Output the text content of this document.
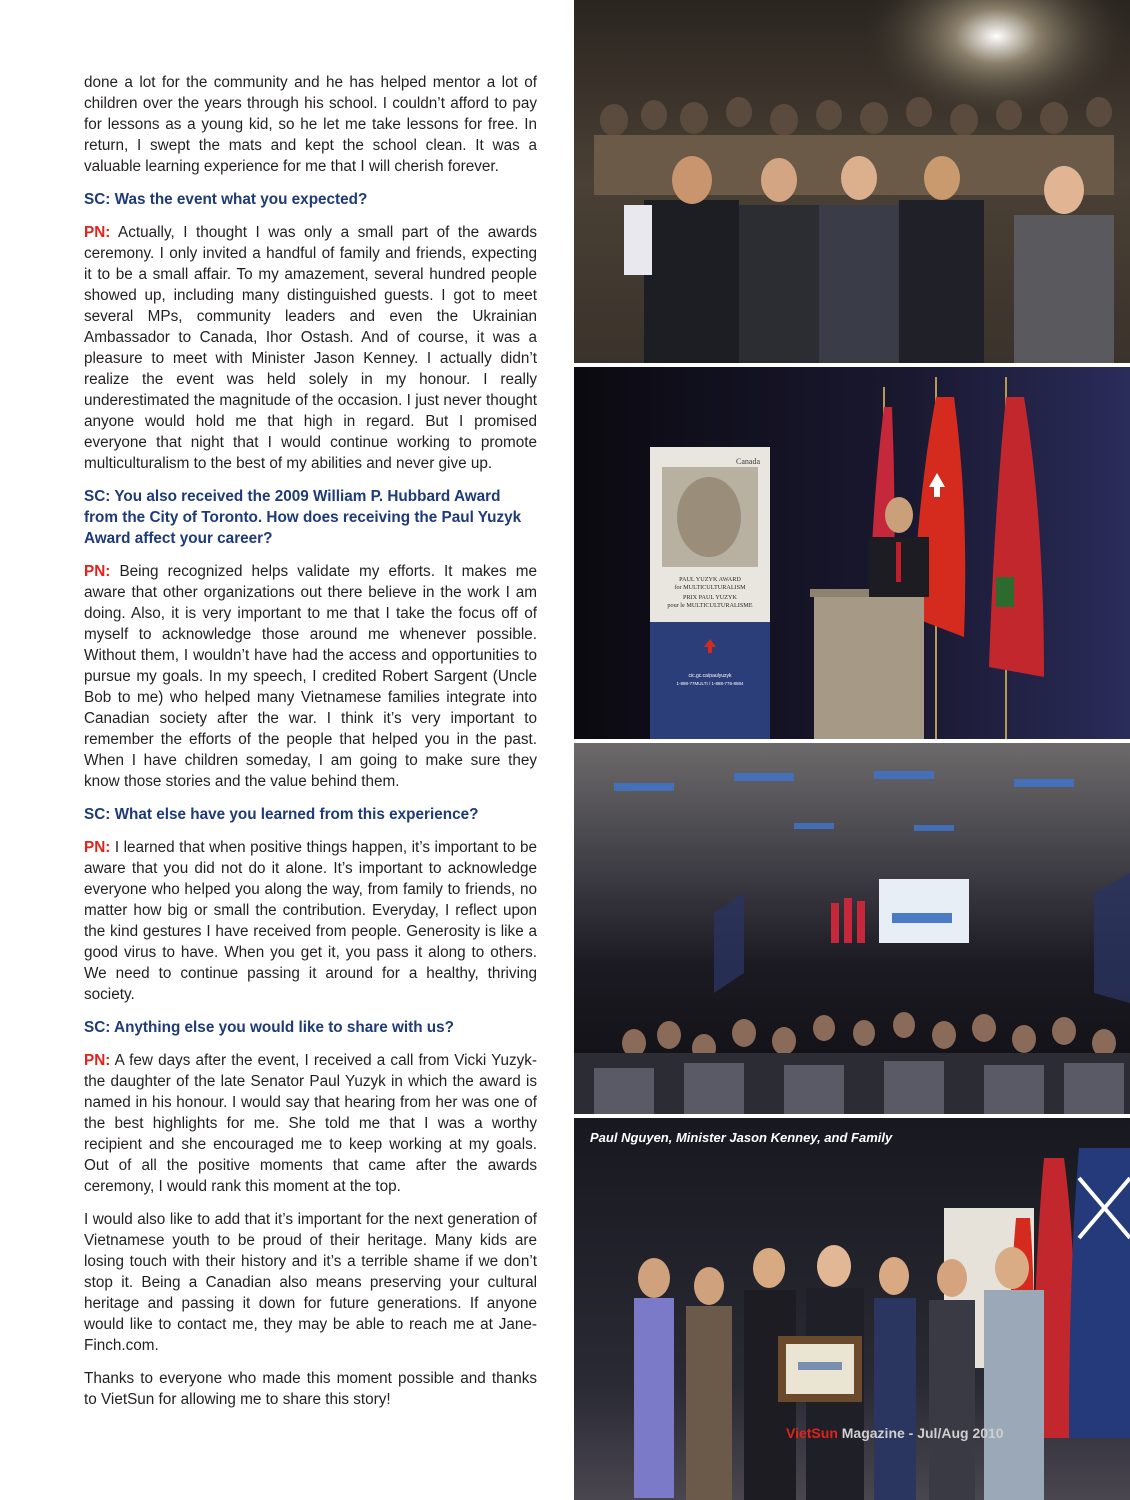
done a lot for the community and he has helped mentor a lot of children over the years through his school. I couldn’t afford to pay for lessons as a young kid, so he let me take lessons for free. In return, I swept the mats and kept the school clean. It was a valuable learning experience for me that I will cherish forever.

SC: Was the event what you expected?

PN: Actually, I thought I was only a small part of the awards ceremony. I only invited a handful of family and friends, expecting it to be a small affair. To my amazement, several hundred people showed up, including many distinguished guests. I got to meet several MPs, community leaders and even the Ukrainian Ambassador to Canada, Ihor Ostash. And of course, it was a pleasure to meet with Minister Jason Kenney. I actually didn’t realize the event was held solely in my honour. I really underestimated the magnitude of the occasion. I just never thought anyone would hold me that high in regard. But I promised everyone that night that I would continue working to promote multiculturalism to the best of my abilities and never give up.

SC: You also received the 2009 William P. Hubbard Award from the City of Toronto. How does receiving the Paul Yuzyk Award affect your career?

PN: Being recognized helps validate my efforts. It makes me aware that other organizations out there believe in the work I am doing. Also, it is very important to me that I take the focus off of myself to acknowledge those around me whenever possible. Without them, I wouldn’t have had the access and opportunities to pursue my goals. In my speech, I credited Robert Sargent (Uncle Bob to me) who helped many Vietnamese families integrate into Canadian society after the war. I think it’s very important to remember the efforts of the people that helped you in the past. When I have children someday, I am going to make sure they know those stories and the value behind them.

SC: What else have you learned from this experience?

PN: I learned that when positive things happen, it’s important to be aware that you did not do it alone. It’s important to acknowledge everyone who helped you along the way, from family to friends, no matter how big or small the contribution. Everyday, I reflect upon the kind gestures I have received from people. Generosity is like a good virus to have. When you get it, you pass it along to others. We need to continue passing it around for a healthy, thriving society.

SC: Anything else you would like to share with us?

PN: A few days after the event, I received a call from Vicki Yuzyk- the daughter of the late Senator Paul Yuzyk in which the award is named in his honour. I would say that hearing from her was one of the best highlights for me. She told me that I was a worthy recipient and she encouraged me to keep working at my goals. Out of all the positive moments that came after the awards ceremony, I would rank this moment at the top.

I would also like to add that it’s important for the next generation of Vietnamese youth to be proud of their heritage. Many kids are losing touch with their history and it’s a terrible shame if we don’t stop it. Being a Canadian also means preserving your cultural heritage and passing it down for future generations. If anyone would like to contact me, they may be able to reach me at Jane-Finch.com.

Thanks to everyone who made this moment possible and thanks to VietSun for allowing me to share this story!

Canada
PAUL YUZYK AWARD
for MULTICULTURALISM
PRIX PAUL YUZYK
pour le MULTICULTURALISME
cic.gc.ca/paulyuzyk
1-888-77MULTI / 1-888-776-8584
Paul Nguyen, Minister Jason Kenney, and Family
VietSun Magazine - Jul/Aug 2010
